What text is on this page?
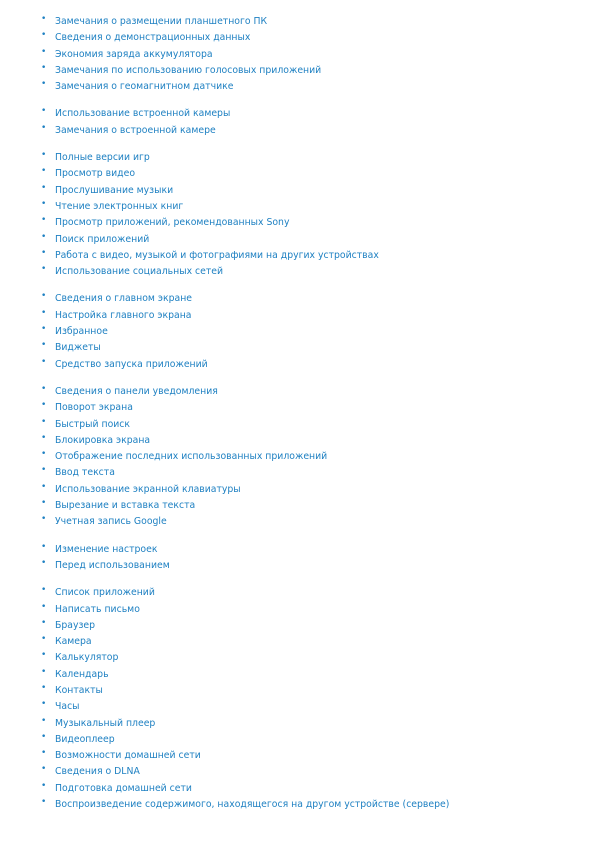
• Замечания о размещении планшетного ПК
• Сведения о демонстрационных данных
• Экономия заряда аккумулятора
• Замечания по использованию голосовых приложений
• Замечания о геомагнитном датчике
• Использование встроенной камеры
• Замечания о встроенной камере
• Полные версии игр
• Просмотр видео
• Прослушивание музыки
• Чтение электронных книг
• Просмотр приложений, рекомендованных Sony
• Поиск приложений
• Работа с видео, музыкой и фотографиями на других устройствах
• Использование социальных сетей
• Сведения о главном экране
• Настройка главного экрана
• Избранное
• Виджеты
• Средство запуска приложений
• Сведения о панели уведомления
• Поворот экрана
• Быстрый поиск
• Блокировка экрана
• Отображение последних использованных приложений
• Ввод текста
• Использование экранной клавиатуры
• Вырезание и вставка текста
• Учетная запись Google
• Изменение настроек
• Перед использованием
• Список приложений
• Написать письмо
• Браузер
• Камера
• Калькулятор
• Календарь
• Контакты
• Часы
• Музыкальный плеер
• Видеоплеер
• Возможности домашней сети
• Сведения о DLNA
• Подготовка домашней сети
• Воспроизведение содержимого, находящегося на другом устройстве (сервере)
